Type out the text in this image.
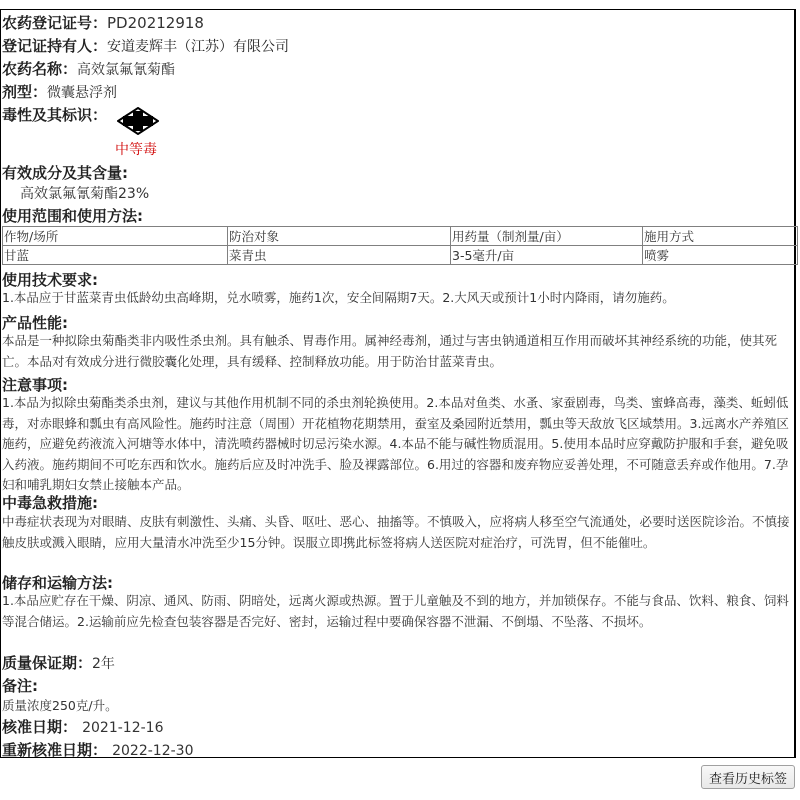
农药登记证号：PD20212918
登记证持有人：安道麦辉丰（江苏）有限公司
农药名称：高效氯氟氰菊酯
剂型：微囊悬浮剂
毒性及其标识：
中等毒
有效成分及其含量:
高效氯氟氰菊酯23%
使用范围和使用方法:
作物/场所	防治对象	用药量（制剂量/亩）	施用方式
甘蓝	菜青虫	3-5毫升/亩	喷雾
使用技术要求:
1.本品应于甘蓝菜青虫低龄幼虫高峰期，兑水喷雾，施药1次，安全间隔期7天。2.大风天或预计1小时内降雨，请勿施药。
产品性能:
本品是一种拟除虫菊酯类非内吸性杀虫剂。具有触杀、胃毒作用。属神经毒剂，通过与害虫钠通道相互作用而破坏其神经系统的功能，使其死亡。本品对有效成分进行微胶囊化处理，具有缓释、控制释放功能。用于防治甘蓝菜青虫。
注意事项:
1.本品为拟除虫菊酯类杀虫剂，建议与其他作用机制不同的杀虫剂轮换使用。2.本品对鱼类、水蚤、家蚕剧毒，鸟类、蜜蜂高毒，藻类、蚯蚓低毒，对赤眼蜂和瓢虫有高风险性。施药时注意（周围）开花植物花期禁用，蚕室及桑园附近禁用，瓢虫等天敌放飞区域禁用。3.远离水产养殖区施药，应避免药液流入河塘等水体中，清洗喷药器械时切忌污染水源。4.本品不能与碱性物质混用。5.使用本品时应穿戴防护服和手套，避免吸入药液。施药期间不可吃东西和饮水。施药后应及时冲洗手、脸及裸露部位。6.用过的容器和废弃物应妥善处理，不可随意丢弃或作他用。7.孕妇和哺乳期妇女禁止接触本产品。
中毒急救措施:
中毒症状表现为对眼睛、皮肤有刺激性、头痛、头昏、呕吐、恶心、抽搐等。不慎吸入，应将病人移至空气流通处，必要时送医院诊治。不慎接触皮肤或溅入眼睛，应用大量清水冲洗至少15分钟。误服立即携此标签将病人送医院对症治疗，可洗胃，但不能催吐。
储存和运输方法:
1.本品应贮存在干燥、阴凉、通风、防雨、阴暗处，远离火源或热源。置于儿童触及不到的地方，并加锁保存。不能与食品、饮料、粮食、饲料等混合储运。2.运输前应先检查包装容器是否完好、密封，运输过程中要确保容器不泄漏、不倒塌、不坠落、不损坏。
质量保证期：2年
备注:
质量浓度250克/升。
核准日期： 2021-12-16
重新核准日期： 2022-12-30
查看历史标签
